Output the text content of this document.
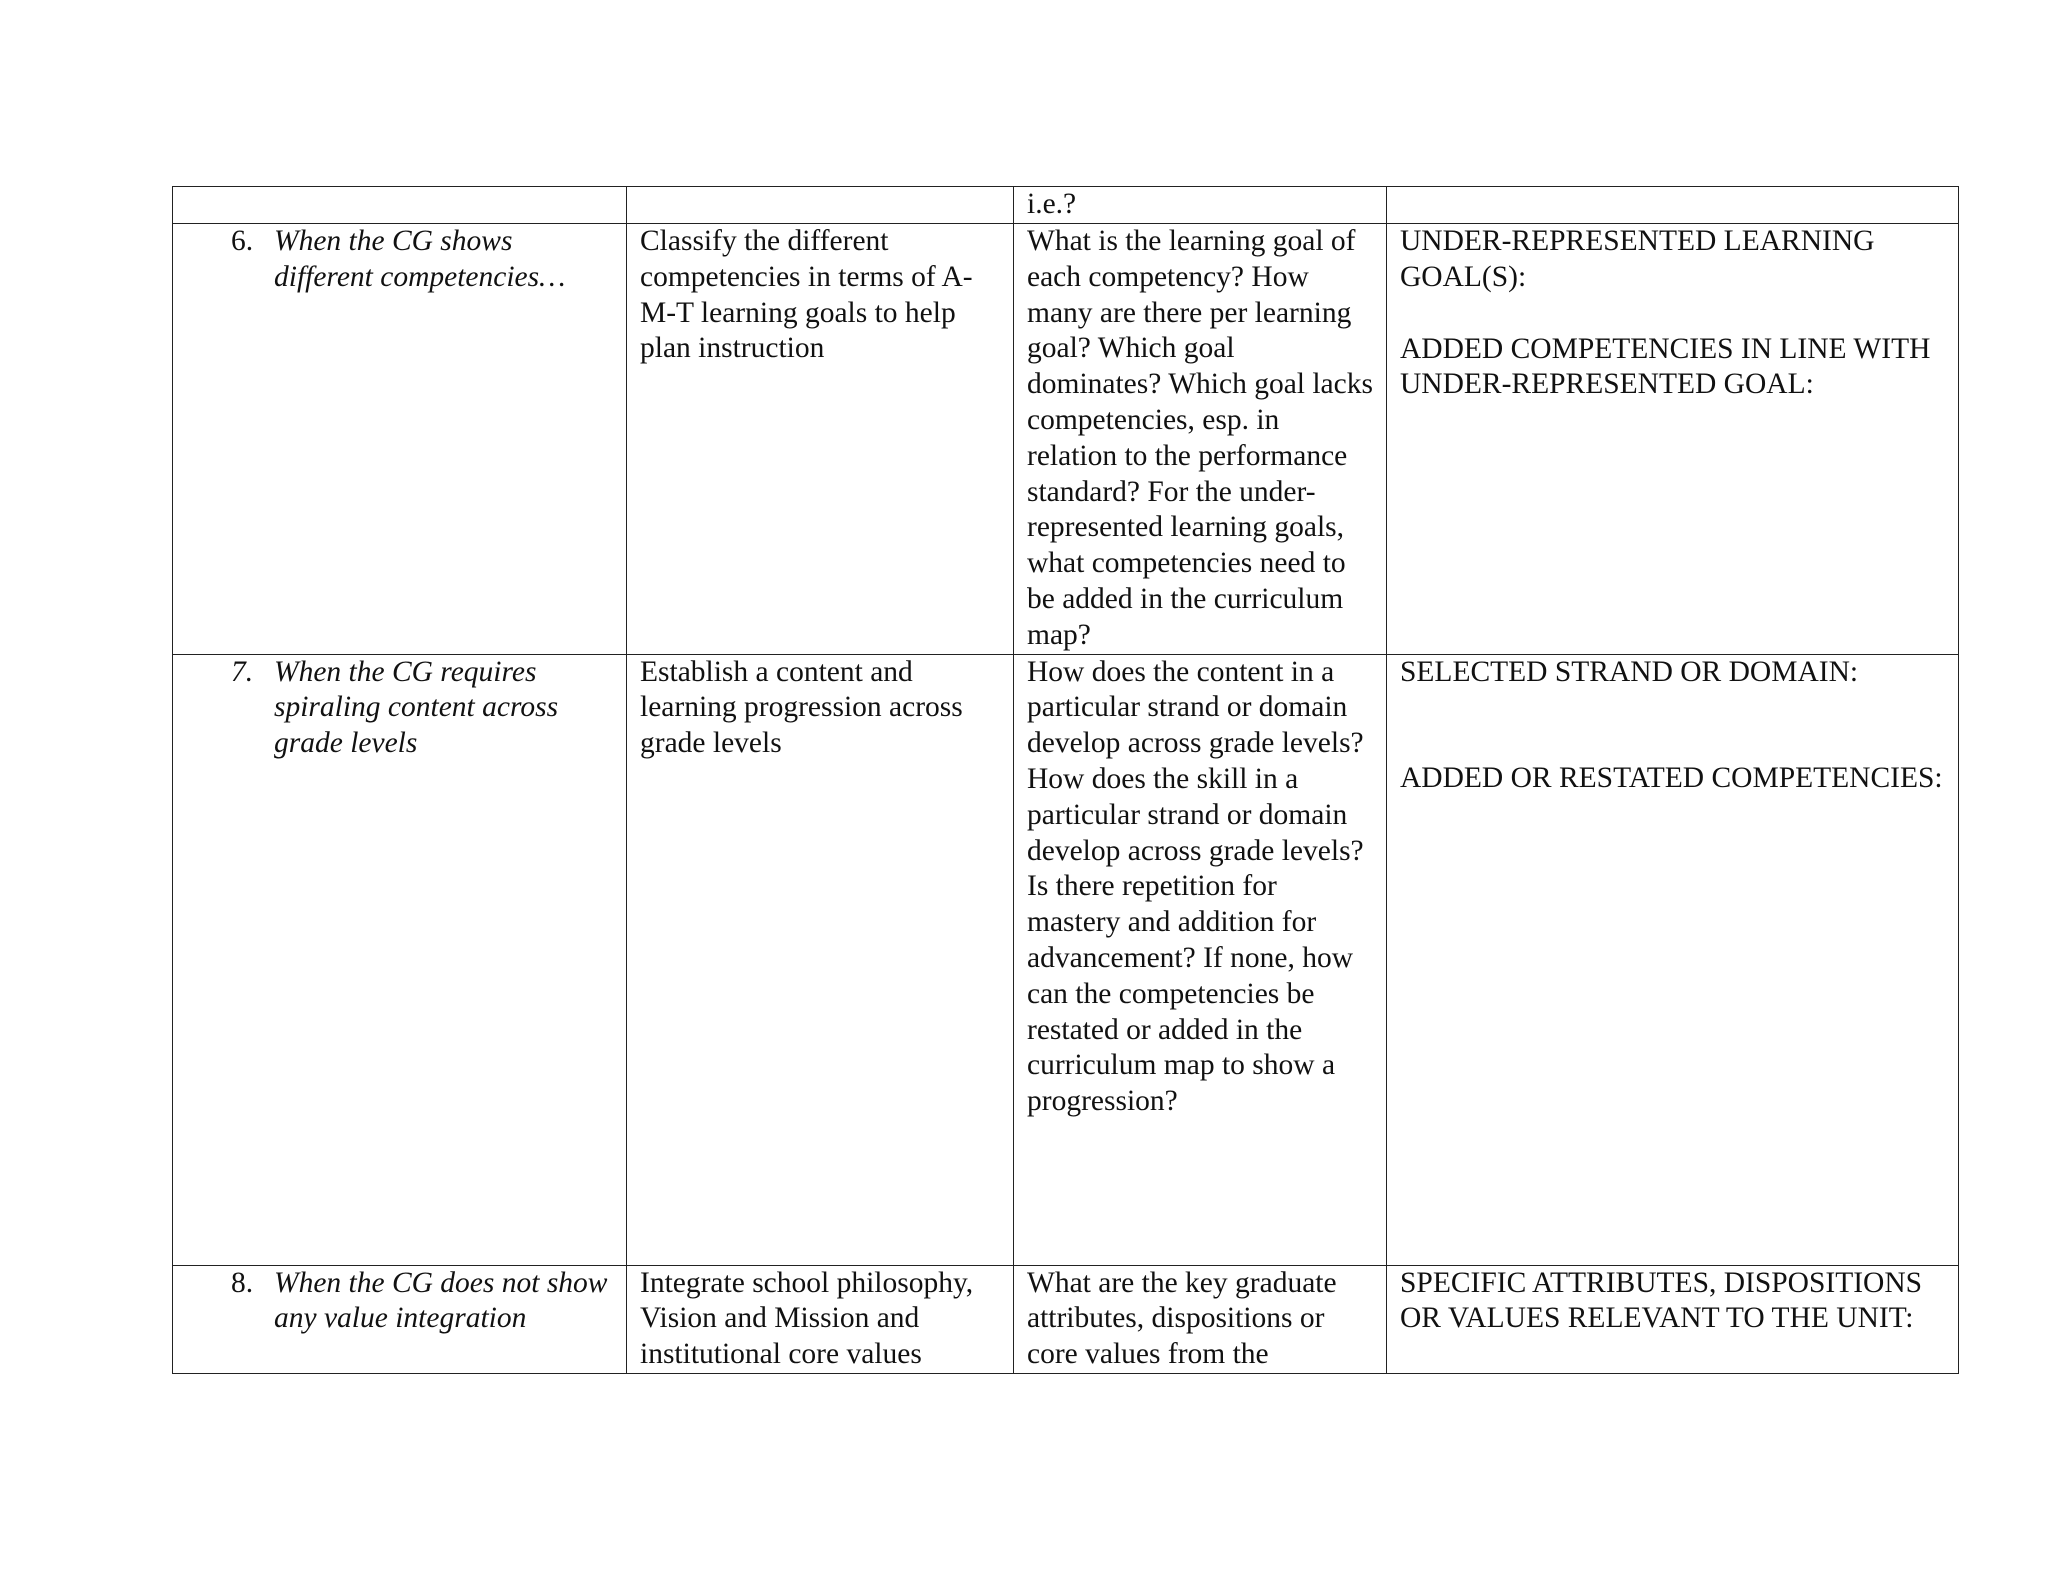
		i.e.?	

6. When the CG shows different competencies…	Classify the different competencies in terms of A-M-T learning goals to help plan instruction	What is the learning goal of each competency? How many are there per learning goal? Which goal dominates? Which goal lacks competencies, esp. in relation to the performance standard? For the under-represented learning goals, what competencies need to be added in the curriculum map?	UNDER-REPRESENTED LEARNING GOAL(S):
ADDED COMPETENCIES IN LINE WITH UNDER-REPRESENTED GOAL:

7. When the CG requires spiraling content across grade levels	Establish a content and learning progression across grade levels	How does the content in a particular strand or domain develop across grade levels? How does the skill in a particular strand or domain develop across grade levels? Is there repetition for mastery and addition for advancement? If none, how can the competencies be restated or added in the curriculum map to show a progression?	SELECTED STRAND OR DOMAIN:
ADDED OR RESTATED COMPETENCIES:

8. When the CG does not show any value integration	Integrate school philosophy, Vision and Mission and institutional core values	What are the key graduate attributes, dispositions or core values from the	SPECIFIC ATTRIBUTES, DISPOSITIONS OR VALUES RELEVANT TO THE UNIT:
